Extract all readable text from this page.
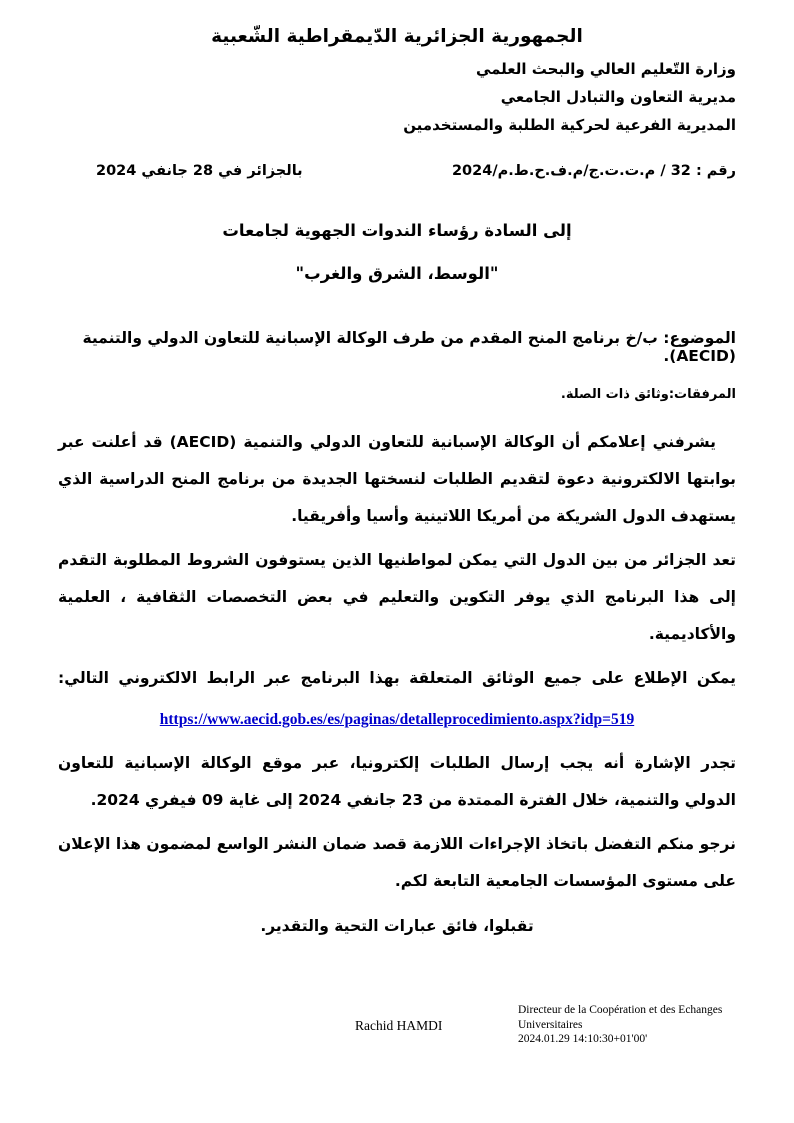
الجمهورية الجزائرية الدّيمقراطية الشّعبية
وزارة التّعليم العالي والبحث العلمي
مديرية التعاون والتبادل الجامعي
المديرية الفرعية لحركية الطلبة والمستخدمين
رقم : 32 / م.ت.ت.ج/م.ف.ح.ط.م/2024
بالجزائر في 28 جانفي 2024
إلى السادة رؤساء الندوات الجهوية لجامعات
"الوسط، الشرق والغرب"
الموضوع: ب/خ برنامج المنح المقدم من طرف الوكالة الإسبانية للتعاون الدولي والتنمية (AECID).
المرفقات:وثائق ذات الصلة.

يشرفني إعلامكم أن الوكالة الإسبانية للتعاون الدولي والتنمية (AECID) قد أعلنت عبر بوابتها الالكترونية دعوة لتقديم الطلبات لنسختها الجديدة من برنامج المنح الدراسية الذي يستهدف الدول الشريكة من أمريكا اللاتينية وأسيا وأفريقيا.

تعد الجزائر من بين الدول التي يمكن لمواطنيها الذين يستوفون الشروط المطلوبة التقدم إلى هذا البرنامج الذي يوفر التكوين والتعليم في بعض التخصصات الثقافية ، العلمية والأكاديمية.

يمكن الإطلاع على جميع الوثائق المتعلقة بهذا البرنامج عبر الرابط الالكتروني التالي:

https://www.aecid.gob.es/es/paginas/detalleprocedimiento.aspx?idp=519

تجدر الإشارة أنه يجب إرسال الطلبات إلكترونيا، عبر موقع الوكالة الإسبانية للتعاون الدولي والتنمية، خلال الفترة الممتدة من 23 جانفي 2024 إلى غاية 09 فيفري 2024.

نرجو منكم التفضل باتخاذ الإجراءات اللازمة قصد ضمان النشر الواسع لمضمون هذا الإعلان على مستوى المؤسسات الجامعية التابعة لكم.

تقبلوا، فائق عبارات التحية والتقدير.
Rachid HAMDI
Directeur de la Coopération et des Echanges
Universitaires
2024.01.29 14:10:30+01'00'
